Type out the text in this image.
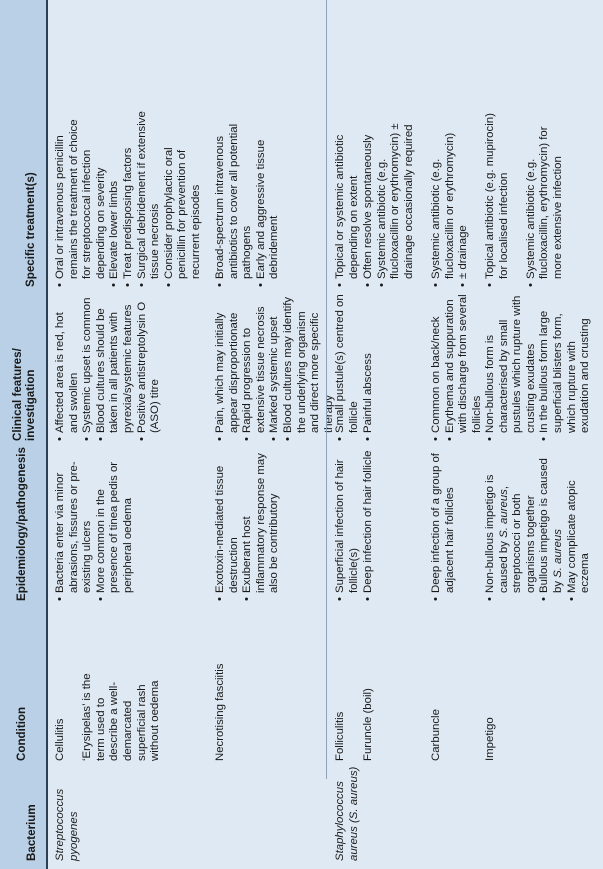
Bacterium
Condition
Epidemiology/pathogenesis
Clinical features/
investigation
Specific treatment(s)
Streptococcus pyogenes	Staphylococcus aureus (S. aureus)
Cellulitis ‘Erysipelas’ is the term used to describe a well-demarcated superficial rash without oedema
• Bacteria enter via minor abrasions, fissures or pre-existing ulcers • More common in the presence of tinea pedis or peripheral oedema
• Affected area is red, hot and swollen • Systemic upset is common • Blood cultures should be taken in all patients with pyrexia/systemic features • Positive antistreptolysin O (ASO) titre
• Oral or intravenous penicillin remains the treatment of choice for streptococcal infection depending on severity • Elevate lower limbs • Treat predisposing factors • Surgical debridement if extensive tissue necrosis • Consider prophylactic oral penicillin for prevention of recurrent episodes
Necrotising fasciitis
• Exotoxin-mediated tissue destruction • Exuberant host inflammatory response may also be contributory
• Pain, which may initially appear disproportionate • Rapid progression to extensive tissue necrosis • Marked systemic upset • Blood cultures may identify the underlying organism and direct more specific therapy
• Broad-spectrum intravenous antibiotics to cover all potential pathogens • Early and aggressive tissue debridement
Folliculitis
• Superficial infection of hair follicle(s)
• Small pustule(s) centred on follicle
• Topical or systemic antibiotic depending on extent
Furuncle (boil)
• Deep infection of hair follicle
• Painful abscess
• Often resolve spontaneously • Systemic antibiotic (e.g. flucloxacillin or erythromycin) ± drainage occasionally required
Carbuncle
• Deep infection of a group of adjacent hair follicles
• Common on back/neck • Erythema and suppuration with discharge from several follicles
• Systemic antibiotic (e.g. flucloxacillin or erythromycin) • ± drainage
Impetigo
• Non-bullous impetigo is caused by S. aureus, streptococci or both organisms together • Bullous impetigo is caused by S. aureus • May complicate atopic eczema
• Non-bullous form is characterised by small pustules which rupture with crusting exudates • In the bullous form large superficial blisters form, which rupture with exudation and crusting
• Topical antibiotic (e.g. mupirocin) for localised infection • Systemic antibiotic (e.g. flucloxacillin, erythromycin) for more extensive infection
